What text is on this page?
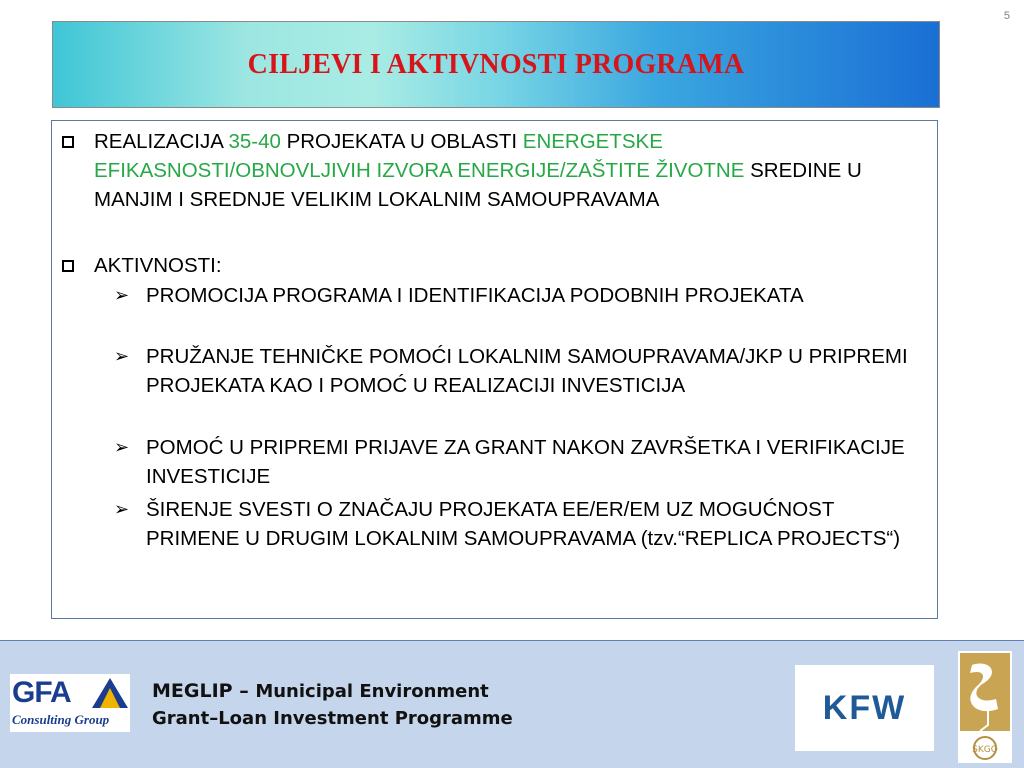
5
CILJEVI I AKTIVNOSTI PROGRAMA
REALIZACIJA 35-40 PROJEKATA U OBLASTI ENERGETSKE EFIKASNOSTI/OBNOVLJIVIH IZVORA ENERGIJE/ZAŠTITE ŽIVOTNE SREDINE U MANJIM I SREDNJE VELIKIM LOKALNIM SAMOUPRAVAMA
AKTIVNOSTI:
➢ PROMOCIJA PROGRAMA I IDENTIFIKACIJA PODOBNIH PROJEKATA
➢ PRUŽANJE TEHNIČKE POMOĆI LOKALNIM SAMOUPRAVAMA/JKP U PRIPREMI PROJEKATA KAO I POMOĆ U REALIZACIJI INVESTICIJA
➢ POMOĆ U PRIPREMI PRIJAVE ZA GRANT NAKON ZAVRŠETKA I VERIFIKACIJE INVESTICIJE
➢ ŠIRENJE SVESTI O ZNAČAJU PROJEKATA EE/ER/EM UZ MOGUĆNOST PRIMENE U DRUGIM LOKALNIM SAMOUPRAVAMA (tzv.“REPLICA PROJECTS“)
GFA
Consulting Group
MEGLIP – Municipal Environment
Grant–Loan Investment Programme	KFW
SKGO
